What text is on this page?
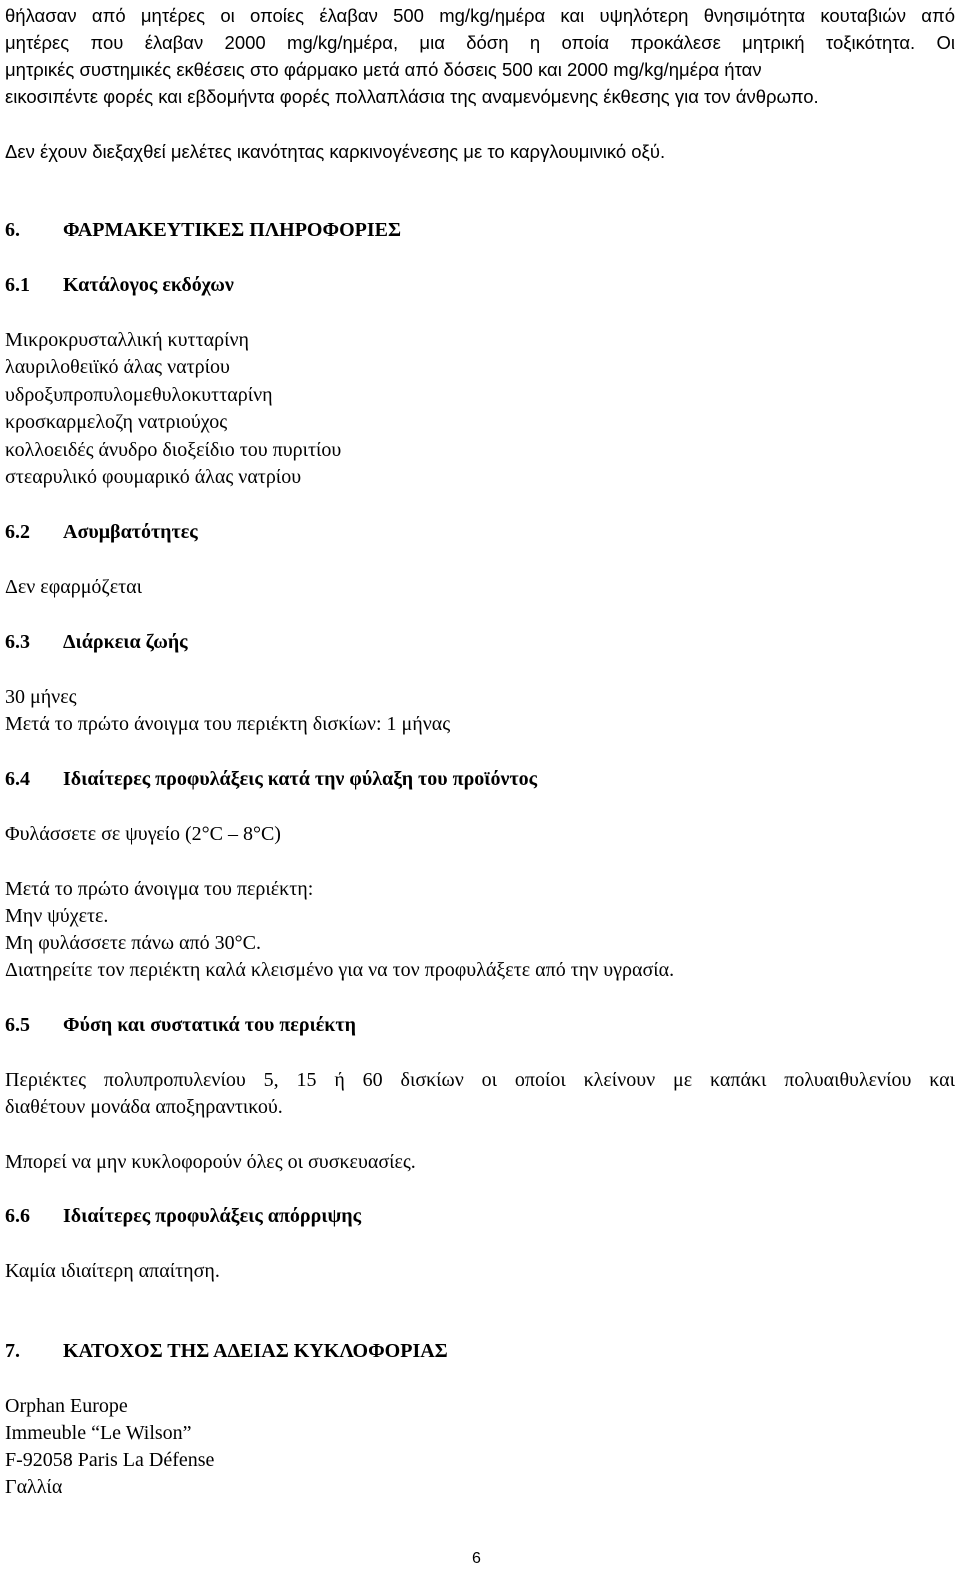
θήλασαν από μητέρες οι οποίες έλαβαν 500 mg/kg/ημέρα και υψηλότερη θνησιμότητα κουταβιών από
μητέρες που έλαβαν 2000 mg/kg/ημέρα, μια δόση η οποία προκάλεσε μητρική τοξικότητα. Οι
μητρικές συστημικές εκθέσεις στο φάρμακο μετά από δόσεις 500 και 2000 mg/kg/ημέρα ήταν
εικοσιπέντε φορές και εβδομήντα φορές πολλαπλάσια της αναμενόμενης έκθεσης για τον άνθρωπο.
Δεν έχουν διεξαχθεί μελέτες ικανότητας καρκινογένεσης με το καργλουμινικό οξύ.
6. ΦΑΡΜΑΚΕΥΤΙΚΕΣ ΠΛΗΡΟΦΟΡΙΕΣ
6.1 Κατάλογος εκδόχων
Μικροκρυσταλλική κυτταρίνη
λαυριλοθειϊκό άλας νατρίου
υδροξυπροπυλομεθυλοκυτταρίνη
κροσκαρμελοζη νατριούχος
κολλοειδές άνυδρο διοξείδιο του πυριτίου
στεαρυλικό φουμαρικό άλας νατρίου
6.2 Ασυμβατότητες
Δεν εφαρμόζεται
6.3 Διάρκεια ζωής
30 μήνες
Μετά το πρώτο άνοιγμα του περιέκτη δισκίων: 1 μήνας
6.4 Ιδιαίτερες προφυλάξεις κατά την φύλαξη του προϊόντος
Φυλάσσετε σε ψυγείο (2°C – 8°C)
Μετά το πρώτο άνοιγμα του περιέκτη:
Μην ψύχετε.
Μη φυλάσσετε πάνω από 30°C.
Διατηρείτε τον περιέκτη καλά κλεισμένο για να τον προφυλάξετε από την υγρασία.
6.5 Φύση και συστατικά του περιέκτη
Περιέκτες πολυπροπυλενίου 5, 15 ή 60 δισκίων οι οποίοι κλείνουν με καπάκι πολυαιθυλενίου και
διαθέτουν μονάδα αποξηραντικού.
Μπορεί να μην κυκλοφορούν όλες οι συσκευασίες.
6.6 Ιδιαίτερες προφυλάξεις απόρριψης
Καμία ιδιαίτερη απαίτηση.
7. ΚΑΤΟΧΟΣ ΤΗΣ ΑΔΕΙΑΣ ΚΥΚΛΟΦΟΡΙΑΣ
Orphan Europe
Immeuble “Le Wilson”
F-92058 Paris La Défense
Γαλλία
6
